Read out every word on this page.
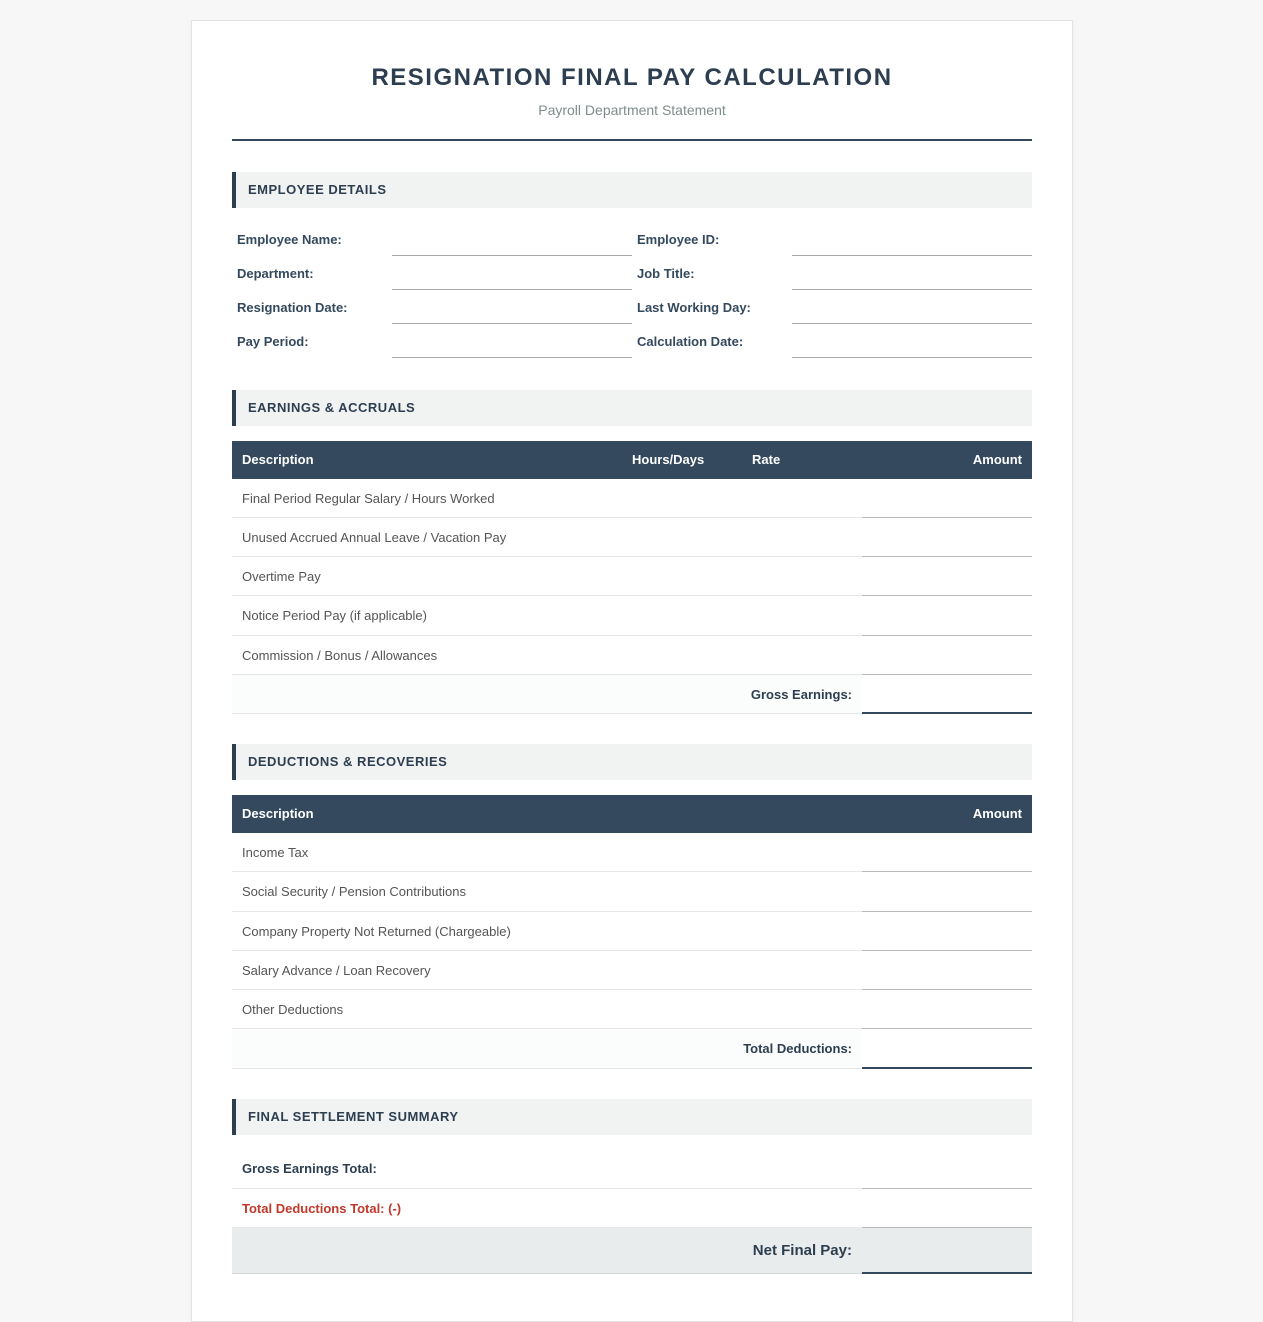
RESIGNATION FINAL PAY CALCULATION
Payroll Department Statement
EMPLOYEE DETAILS
Employee Name:	Employee ID:
Department:	Job Title:
Resignation Date:	Last Working Day:
Pay Period:	Calculation Date:
EARNINGS & ACCRUALS
Description	Hours/Days	Rate	Amount
Final Period Regular Salary / Hours Worked
Unused Accrued Annual Leave / Vacation Pay
Overtime Pay
Notice Period Pay (if applicable)
Commission / Bonus / Allowances
Gross Earnings:
DEDUCTIONS & RECOVERIES
Description	Amount
Income Tax
Social Security / Pension Contributions
Company Property Not Returned (Chargeable)
Salary Advance / Loan Recovery
Other Deductions
Total Deductions:
FINAL SETTLEMENT SUMMARY
Gross Earnings Total:
Total Deductions Total: (-)
Net Final Pay:
